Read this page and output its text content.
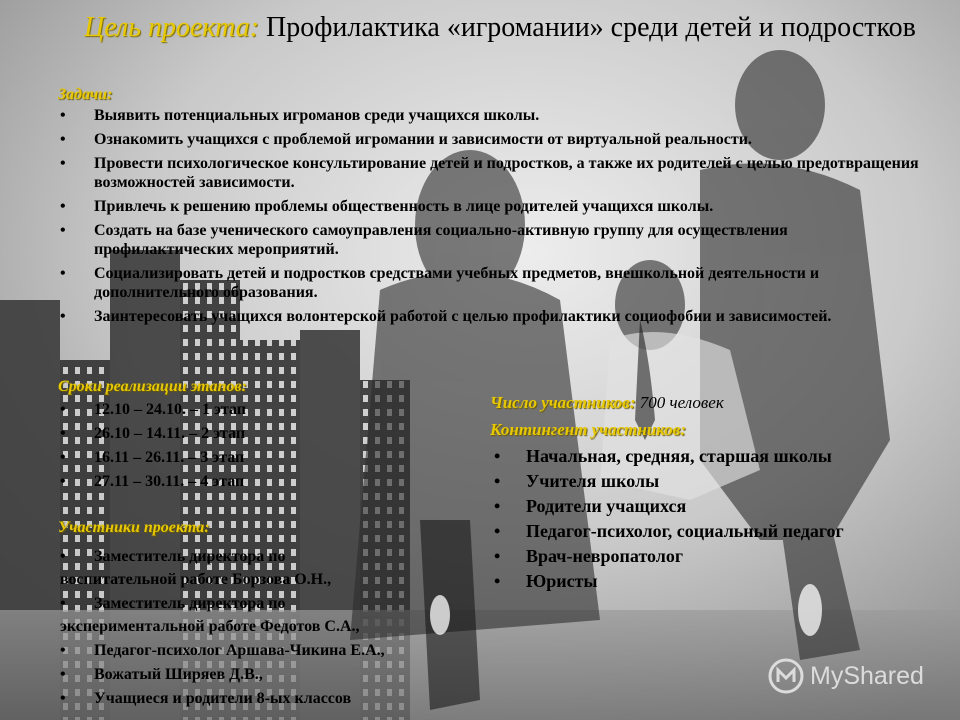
Цель проекта: Профилактика «игромании» среди детей и подростков
Задачи:
• Выявить потенциальных игроманов среди учащихся школы.
• Ознакомить учащихся с проблемой игромании и зависимости от виртуальной реальности.
• Провести психологическое консультирование детей и подростков, а также их родителей с целью предотвращения возможностей зависимости.
• Привлечь к решению проблемы общественность в лице родителей учащихся школы.
• Создать на базе ученического самоуправления социально-активную группу для осуществления профилактических мероприятий.
• Социализировать детей и подростков средствами учебных предметов, внешкольной деятельности и дополнительного образования.
• Заинтересовать учащихся волонтерской работой с целью профилактики социофобии и зависимостей.
Сроки реализации этапов:
• 12.10 – 24.10. – 1 этап
• 26.10 – 14.11. – 2 этап
• 16.11 – 26.11. – 3 этап
• 27.11 – 30.11. – 4 этап
Участники проекта:
• Заместитель директора по
воспитательной работе Борзова О.Н.,
• Заместитель директора по
экспериментальной работе Федотов С.А.,
• Педагог-психолог Аршава-Чикина Е.А.,
• Вожатый Ширяев Д.В.,
• Учащиеся и родители 8-ых классов
Число участников: 700 человек
Контингент участников:
• Начальная, средняя, старшая школы
• Учителя школы
• Родители учащихся
• Педагог-психолог, социальный педагог
• Врач-невропатолог
• Юристы
MyShared
